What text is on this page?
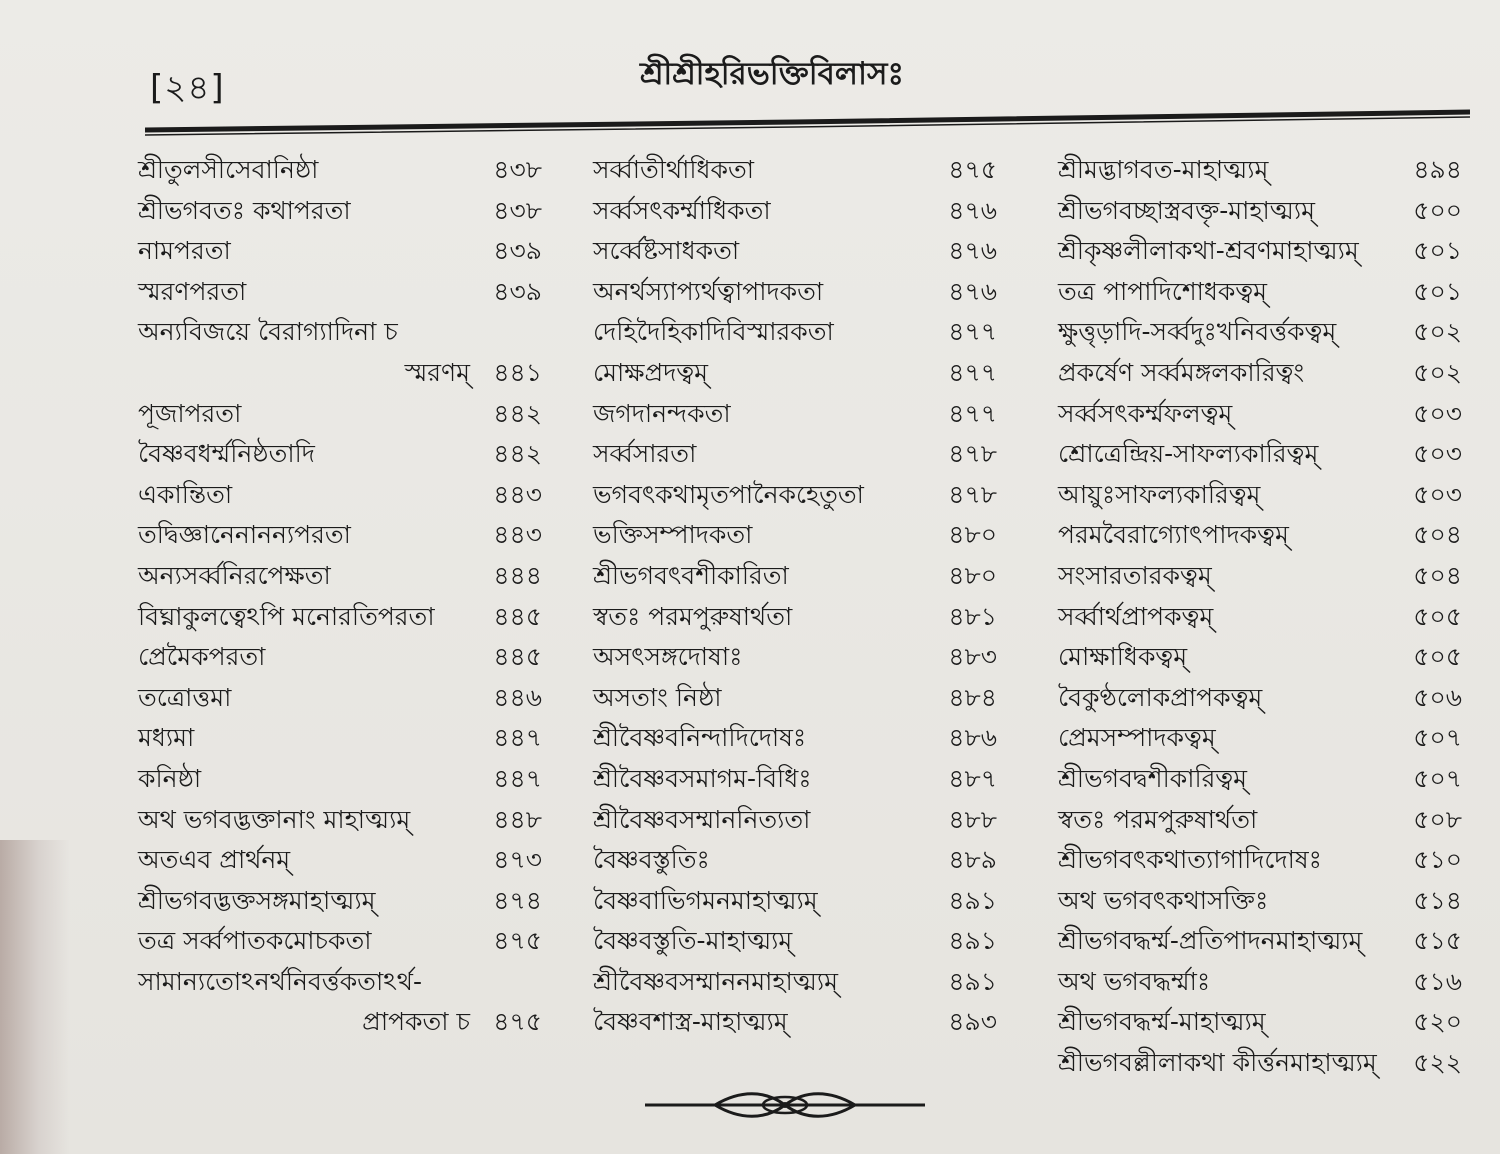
[২৪]	শ্রীশ্রীহরিভক্তিবিলাসঃ
শ্রীতুলসীসেবানিষ্ঠা	৪৩৮
শ্রীভগবতঃ কথাপরতা	৪৩৮
নামপরতা	৪৩৯
স্মরণপরতা	৪৩৯
অন্যবিজয়ে বৈরাগ্যাদিনা চ
স্মরণম্ ৪৪১
পূজাপরতা	৪৪২
বৈষ্ণবধর্ম্মনিষ্ঠতাদি	৪৪২
একান্তিতা	৪৪৩
তদ্বিজ্ঞানেনানন্যপরতা	৪৪৩
অন্যসর্ব্বনিরপেক্ষতা	৪৪৪
বিঘ্নাকুলত্বেঽপি মনোরতিপরতা ৪৪৫
প্রেমৈকপরতা	৪৪৫
তত্রোত্তমা	৪৪৬
মধ্যমা	৪৪৭
কনিষ্ঠা	৪৪৭
অথ ভগবদ্ভক্তানাং মাহাত্ম্যম্	৪৪৮
অতএব প্রার্থনম্	৪৭৩
শ্রীভগবদ্ভক্তসঙ্গমাহাত্ম্যম্	৪৭৪
তত্র সর্ব্বপাতকমোচকতা	৪৭৫
সামান্যতোঽনর্থনিবর্ত্তকতাঽর্থ-
প্রাপকতা চ ৪৭৫
সর্ব্বাতীর্থাধিকতা	৪৭৫
সর্ব্বসৎকর্ম্মাধিকতা	৪৭৬
সর্ব্বেষ্টসাধকতা	৪৭৬
অনর্থস্যাপ্যর্থত্বাপাদকতা	৪৭৬
দেহিদৈহিকাদিবিস্মারকতা	৪৭৭
মোক্ষপ্রদত্বম্	৪৭৭
জগদানন্দকতা	৪৭৭
সর্ব্বসারতা	৪৭৮
ভগবৎকথামৃতপানৈকহেতুতা	৪৭৮
ভক্তিসম্পাদকতা	৪৮০
শ্রীভগবৎবশীকারিতা	৪৮০
স্বতঃ পরমপুরুষার্থতা	৪৮১
অসৎসঙ্গদোষাঃ	৪৮৩
অসতাং নিষ্ঠা	৪৮৪
শ্রীবৈষ্ণবনিন্দাদিদোষঃ	৪৮৬
শ্রীবৈষ্ণবসমাগম-বিধিঃ	৪৮৭
শ্রীবৈষ্ণবসম্মাননিত্যতা	৪৮৮
বৈষ্ণবস্তুতিঃ	৪৮৯
বৈষ্ণবাভিগমনমাহাত্ম্যম্	৪৯১
বৈষ্ণবস্তুতি-মাহাত্ম্যম্	৪৯১
শ্রীবৈষ্ণবসম্মাননমাহাত্ম্যম্	৪৯১
বৈষ্ণবশাস্ত্র-মাহাত্ম্যম্	৪৯৩
শ্রীমদ্ভাগবত-মাহাত্ম্যম্	৪৯৪
শ্রীভগবচ্ছাস্ত্রবক্তৃ-মাহাত্ম্যম্	৫০০
শ্রীকৃষ্ণলীলাকথা-শ্রবণমাহাত্ম্যম্ ৫০১
তত্র পাপাদিশোধকত্বম্	৫০১
ক্ষুত্তৃড়াদি-সর্ব্বদুঃখনিবর্ত্তকত্বম্	৫০২
প্রকর্ষেণ সর্ব্বমঙ্গলকারিত্বং	৫০২
সর্ব্বসৎকর্ম্মফলত্বম্	৫০৩
শ্রোত্রেন্দ্রিয়-সাফল্যকারিত্বম্	৫০৩
আয়ুঃসাফল্যকারিত্বম্	৫০৩
পরমবৈরাগ্যোৎপাদকত্বম্	৫০৪
সংসারতারকত্বম্	৫০৪
সর্ব্বার্থপ্রাপকত্বম্	৫০৫
মোক্ষাধিকত্বম্	৫০৫
বৈকুণ্ঠলোকপ্রাপকত্বম্	৫০৬
প্রেমসম্পাদকত্বম্	৫০৭
শ্রীভগবদ্বশীকারিত্বম্	৫০৭
স্বতঃ পরমপুরুষার্থতা	৫০৮
শ্রীভগবৎকথাত্যাগাদিদোষঃ	৫১০
অথ ভগবৎকথাসক্তিঃ	৫১৪
শ্রীভগবদ্ধর্ম্ম-প্রতিপাদনমাহাত্ম্যম্ ৫১৫
অথ ভগবদ্ধর্ম্মাঃ	৫১৬
শ্রীভগবদ্ধর্ম্ম-মাহাত্ম্যম্	৫২০
শ্রীভগবল্লীলাকথা কীর্ত্তনমাহাত্ম্যম্ ৫২২
